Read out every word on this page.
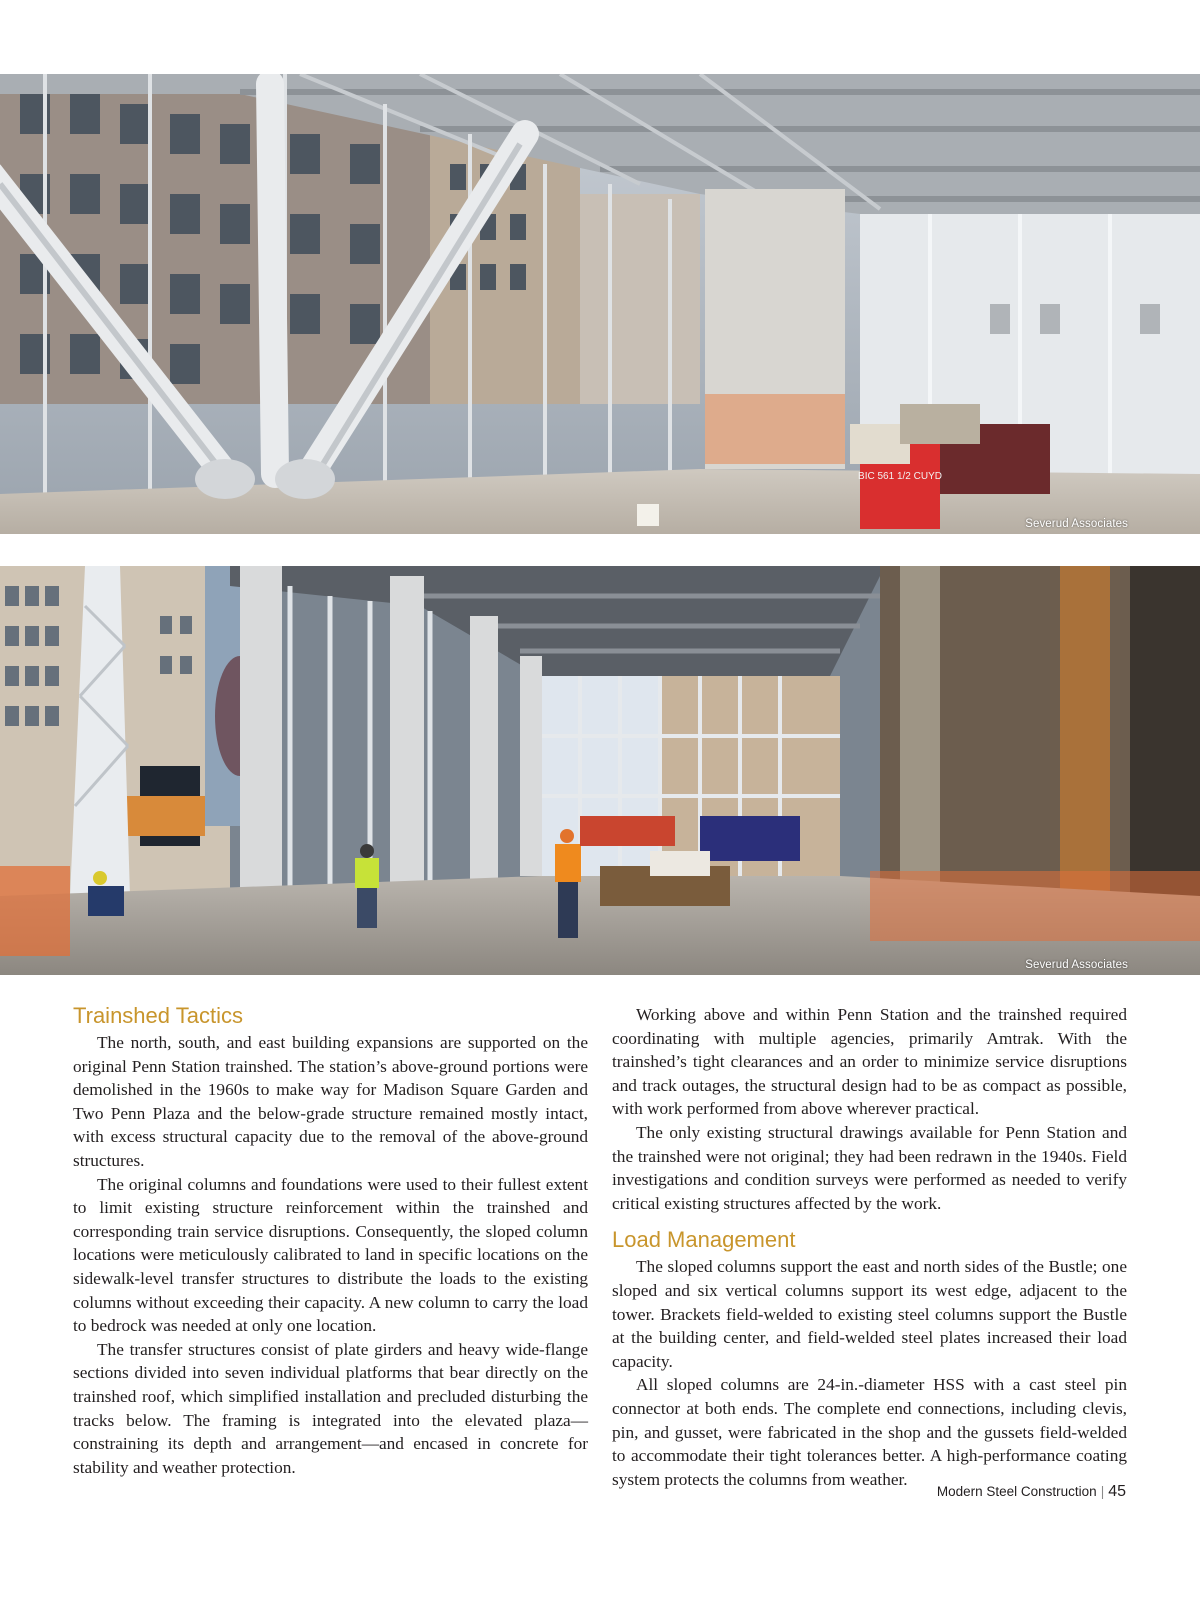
BIC 561 1/2 CUYD
Severud Associates
Severud Associates
Trainshed Tactics

The north, south, and east building expansions are supported on the original Penn Station trainshed. The station’s above-ground portions were demolished in the 1960s to make way for Madison Square Garden and Two Penn Plaza and the below-grade structure remained mostly intact, with excess structural capacity due to the removal of the above-ground structures.

The original columns and foundations were used to their fullest extent to limit existing structure reinforcement within the trainshed and corresponding train service disruptions. Consequently, the sloped column locations were meticulously calibrated to land in specific locations on the sidewalk-level transfer structures to distribute the loads to the existing columns without exceeding their capacity. A new column to carry the load to bedrock was needed at only one location.

The transfer structures consist of plate girders and heavy wide-flange sections divided into seven individual platforms that bear directly on the trainshed roof, which simplified installation and precluded disturbing the tracks below. The framing is integrated into the elevated plaza—constraining its depth and arrangement—and encased in concrete for stability and weather protection.

Working above and within Penn Station and the trainshed required coordinating with multiple agencies, primarily Amtrak. With the trainshed’s tight clearances and an order to minimize service disruptions and track outages, the structural design had to be as compact as possible, with work performed from above wherever practical.

The only existing structural drawings available for Penn Station and the trainshed were not original; they had been redrawn in the 1940s. Field investigations and condition surveys were performed as needed to verify critical existing structures affected by the work.

Load Management

The sloped columns support the east and north sides of the Bustle; one sloped and six vertical columns support its west edge, adjacent to the tower. Brackets field-welded to existing steel columns support the Bustle at the building center, and field-welded steel plates increased their load capacity.

All sloped columns are 24-in.-diameter HSS with a cast steel pin connector at both ends. The complete end connections, including clevis, pin, and gusset, were fabricated in the shop and the gussets field-welded to accommodate their tight tolerances better. A high-performance coating system protects the columns from weather.

Modern Steel Construction | 45
